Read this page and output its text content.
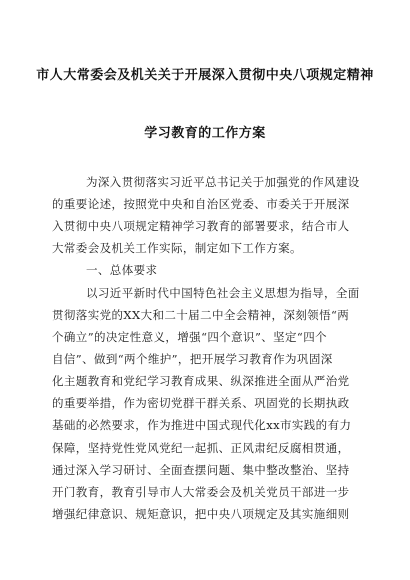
市人大常委会及机关关于开展深入贯彻中央八项规定精神
学习教育的工作方案
为深入贯彻落实习近平总书记关于加强党的作风建设
的重要论述，按照党中央和自治区党委、市委关于开展深
入贯彻中央八项规定精神学习教育的部署要求，结合市人
大常委会及机关工作实际，制定如下工作方案。
一、总体要求
以习近平新时代中国特色社会主义思想为指导，全面
贯彻落实党的XX大和二十届二中全会精神，深刻领悟“两
个确立”的决定性意义，增强“四个意识”、坚定“四个
自信”、做到“两个维护”，把开展学习教育作为巩固深
化主题教育和党纪学习教育成果、纵深推进全面从严治党
的重要举措，作为密切党群干群关系、巩固党的长期执政
基础的必然要求，作为推进中国式现代化xx市实践的有力
保障，坚持党性党风党纪一起抓、正风肃纪反腐相贯通，
通过深入学习研讨、全面查摆问题、集中整改整治、坚持
开门教育，教育引导市人大常委会及机关党员干部进一步
增强纪律意识、规矩意识，把中央八项规定及其实施细则
